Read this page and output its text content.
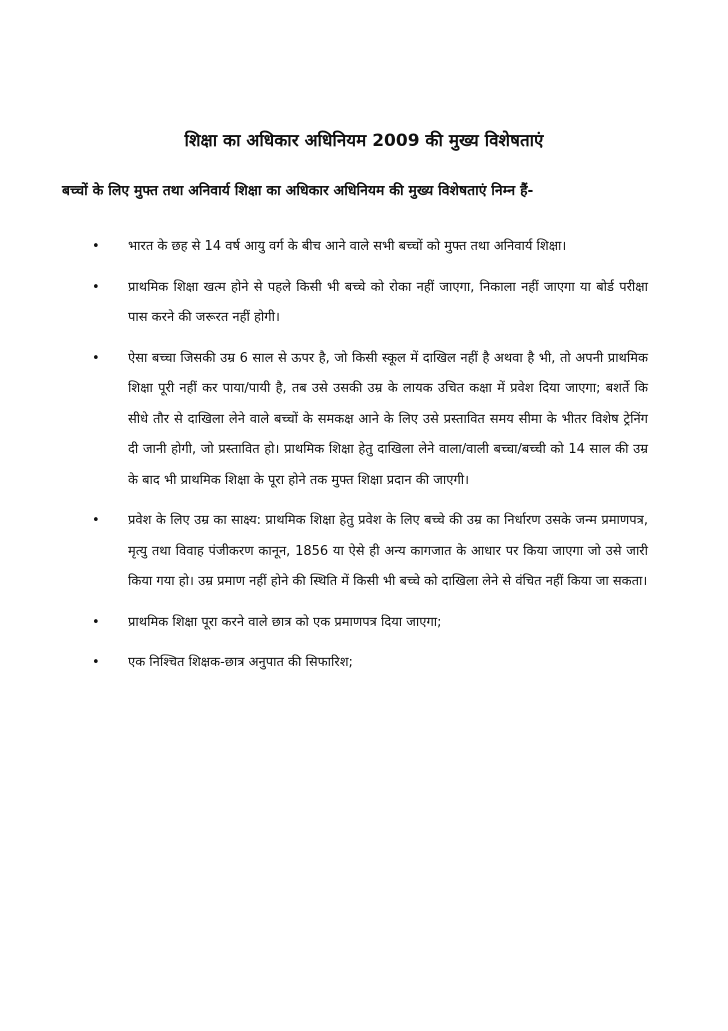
शिक्षा का अधिकार अधिनियम 2009 की मुख्य विशेषताएं
बच्चों के लिए मुफ्त तथा अनिवार्य शिक्षा का अधिकार अधिनियम की मुख्य विशेषताएं निम्न हैं-
•	भारत के छह से 14 वर्ष आयु वर्ग के बीच आने वाले सभी बच्चों को मुफ्त तथा अनिवार्य शिक्षा।
•	प्राथमिक शिक्षा खत्म होने से पहले किसी भी बच्चे को रोका नहीं जाएगा, निकाला नहीं जाएगा या बोर्ड परीक्षा पास करने की जरूरत नहीं होगी।
•	ऐसा बच्चा जिसकी उम्र 6 साल से ऊपर है, जो किसी स्कूल में दाखिल नहीं है अथवा है भी, तो अपनी प्राथमिक शिक्षा पूरी नहीं कर पाया/पायी है, तब उसे उसकी उम्र के लायक उचित कक्षा में प्रवेश दिया जाएगा; बशर्ते कि सीधे तौर से दाखिला लेने वाले बच्चों के समकक्ष आने के लिए उसे प्रस्तावित समय सीमा के भीतर विशेष ट्रेनिंग दी जानी होगी, जो प्रस्तावित हो। प्राथमिक शिक्षा हेतु दाखिला लेने वाला/वाली बच्चा/बच्ची को 14 साल की उम्र के बाद भी प्राथमिक शिक्षा के पूरा होने तक मुफ्त शिक्षा प्रदान की जाएगी।
•	प्रवेश के लिए उम्र का साक्ष्य: प्राथमिक शिक्षा हेतु प्रवेश के लिए बच्चे की उम्र का निर्धारण उसके जन्म प्रमाणपत्र, मृत्यु तथा विवाह पंजीकरण कानून, 1856 या ऐसे ही अन्य कागजात के आधार पर किया जाएगा जो उसे जारी किया गया हो। उम्र प्रमाण नहीं होने की स्थिति में किसी भी बच्चे को दाखिला लेने से वंचित नहीं किया जा सकता।
•	प्राथमिक शिक्षा पूरा करने वाले छात्र को एक प्रमाणपत्र दिया जाएगा;
•	एक निश्चित शिक्षक-छात्र अनुपात की सिफारिश;
